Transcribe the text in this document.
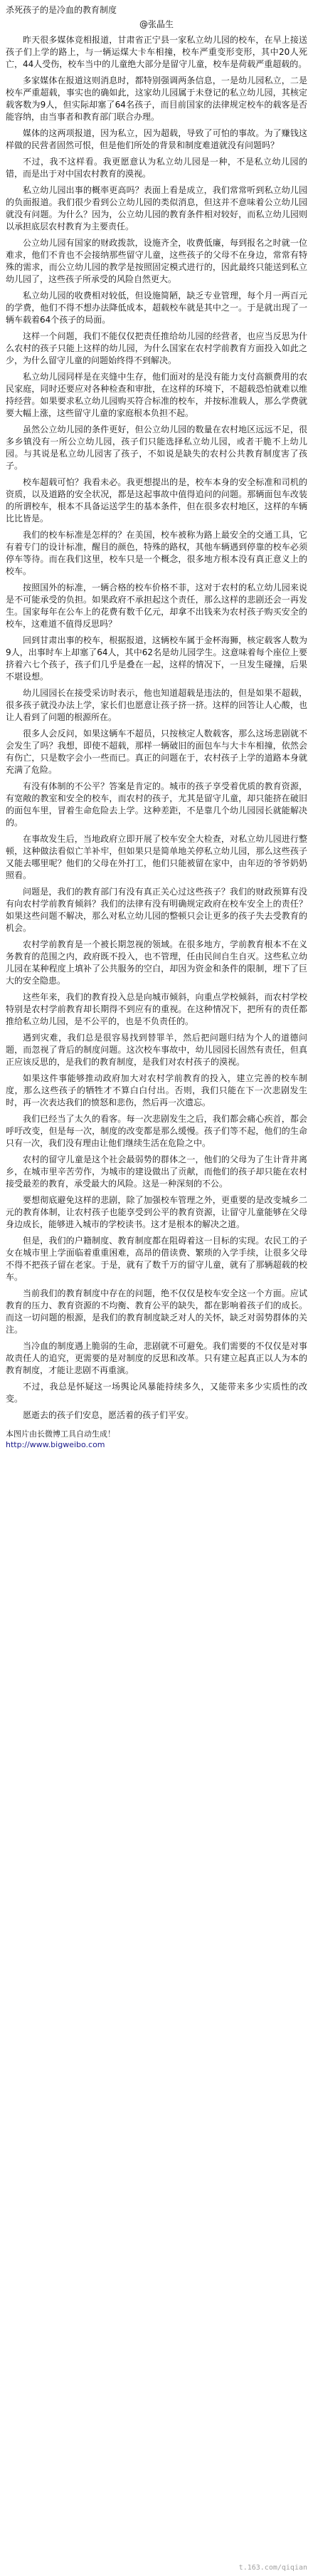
杀死孩子的是冷血的教育制度
@张晶生

昨天很多媒体竞相报道，甘肃省正宁县一家私立幼儿园的校车，在早上接送孩子们上学的路上，与一辆运煤大卡车相撞，校车严重变形变形，其中20人死亡，44人受伤，校车当中的儿童绝大部分是留守儿童，校车是荷载严重超载的。

多家媒体在报道这则消息时，都特别强调两条信息，一是幼儿园私立，二是校车严重超载，事实也的确如此，这家幼儿园属于未登记的私立幼儿园，其核定载客数为9人，但实际却塞了64名孩子，而目前国家的法律规定校车的载客是否能容纳，由当事者和教育部门联合办理。

媒体的这两项报道，因为私立，因为超载，导致了可怕的事故。为了赚钱这样做的民营者固然可恨，但是他们所处的背景和制度难道就没有问题吗？

不过，我不这样看。我更愿意认为私立幼儿园是一种，不是私立幼儿园的错，而是出于对中国农村教育的漠视。

私立幼儿园出事的概率更高吗？表面上看是成立，我们常常听到私立幼儿园的负面报道。我们很少看到公立幼儿园的类似消息，但这并不意味着公立幼儿园就没有问题。为什么？因为，公立幼儿园的教育条件相对较好，而私立幼儿园则以承担底层农村教育为主要责任。

公立幼儿园有国家的财政拨款，设施齐全，收费低廉，每到报名之时就一位难求，他们不肯也不会接纳那些留守儿童，这些孩子的父母不在身边，常常有特殊的需求，而公立幼儿园的教学是按照固定模式进行的，因此最终只能送到私立幼儿园了，这些孩子所承受的风险自然更大。

私立幼儿园的收费相对较低，但设施简陋，缺乏专业管理，每个月一两百元的学费，他们不得不想办法降低成本，超载校车就是其中之一。于是就出现了一辆车载着64个孩子的局面。

这样一个问题，我们不能仅仅把责任推给幼儿园的经营者，也应当反思为什么农村的孩子只能上这样的幼儿园，为什么国家在农村学前教育方面投入如此之少，为什么留守儿童的问题始终得不到解决。

私立幼儿园同样是在夹缝中生存，他们面对的是没有能力支付高额费用的农民家庭，同时还要应对各种检查和审批，在这样的环境下，不超载恐怕就难以维持经营。如果要求私立幼儿园购买符合标准的校车，并按标准载人，那么学费就要大幅上涨，这些留守儿童的家庭根本负担不起。

虽然公立幼儿园的条件更好，但公立幼儿园的数量在农村地区远远不足，很多乡镇没有一所公立幼儿园，孩子们只能选择私立幼儿园，或者干脆不上幼儿园。与其说是私立幼儿园害了孩子，不如说是缺失的农村公共教育制度害了孩子。

校车超载可怕？我看未必。我更想提出的是，校车本身的安全标准和司机的资质，以及道路的安全状况，都是这起事故中值得追问的问题。那辆面包车改装的所谓校车，根本不具备运送学生的基本条件，但在很多农村地区，这样的车辆比比皆是。

我们的校车标准是怎样的？在美国，校车被称为路上最安全的交通工具，它有着专门的设计标准，醒目的颜色，特殊的路权，其他车辆遇到停靠的校车必须停车等待。而在我们这里，校车只是一个概念，很多地方根本没有真正意义上的校车。

按照国外的标准，一辆合格的校车价格不菲，这对于农村的私立幼儿园来说是不可能承受的负担。如果政府不承担起这个责任，那么这样的悲剧还会一再发生。国家每年在公车上的花费有数千亿元，却拿不出钱来为农村孩子购买安全的校车，这难道不值得反思吗？

回到甘肃出事的校车，根据报道，这辆校车属于金杯海狮，核定载客人数为9人，出事时车上却塞了64人，其中62名是幼儿园学生。这意味着每个座位上要挤着六七个孩子，孩子们几乎是叠在一起，这样的情况下，一旦发生碰撞，后果不堪设想。

幼儿园园长在接受采访时表示，他也知道超载是违法的，但是如果不超载，很多孩子就没办法上学，家长们也愿意让孩子挤一挤。这样的回答让人心酸，也让人看到了问题的根源所在。

很多人会反问，如果这辆车不超员，只按核定人数载客，那么这场悲剧就不会发生了吗？我想，即使不超载，那样一辆破旧的面包车与大卡车相撞，依然会有伤亡，只是数字会小一些而已。真正的问题在于，农村孩子上学的道路本身就充满了危险。

有没有体制的不公平？答案是肯定的。城市的孩子享受着优质的教育资源，有宽敞的教室和安全的校车，而农村的孩子，尤其是留守儿童，却只能挤在破旧的面包车里，冒着生命危险去上学。这种差距，不是靠几个幼儿园园长就能解决的。

在事故发生后，当地政府立即开展了校车安全大检查，对私立幼儿园进行整顿，这种做法看似亡羊补牢，但如果只是简单地关停私立幼儿园，那么这些孩子又能去哪里呢？他们的父母在外打工，他们只能被留在家中，由年迈的爷爷奶奶照看。

问题是，我们的教育部门有没有真正关心过这些孩子？我们的财政预算有没有向农村学前教育倾斜？我们的法律有没有明确规定政府在校车安全上的责任？如果这些问题不解决，那么对私立幼儿园的整顿只会让更多的孩子失去受教育的机会。

农村学前教育是一个被长期忽视的领域。在很多地方，学前教育根本不在义务教育的范围之内，政府既不投入，也不管理，任由民间自生自灭。这些私立幼儿园在某种程度上填补了公共服务的空白，却因为资金和条件的限制，埋下了巨大的安全隐患。

这些年来，我们的教育投入总是向城市倾斜，向重点学校倾斜，而农村学校特别是农村学前教育却长期得不到应有的重视。在这种情况下，把所有的责任都推给私立幼儿园，是不公平的，也是不负责任的。

遇到灾难，我们总是很容易找到替罪羊，然后把问题归结为个人的道德问题，而忽视了背后的制度问题。这次校车事故中，幼儿园园长固然有责任，但真正应该反思的，是我们的教育制度，是我们对农村孩子的漠视。

如果这件事能够推动政府加大对农村学前教育的投入，建立完善的校车制度，那么这些孩子的牺牲才不算白白付出。否则，我们只能在下一次悲剧发生时，再一次表达我们的愤怒和悲伤，然后再一次遗忘。

我们已经当了太久的看客。每一次悲剧发生之后，我们都会痛心疾首，都会呼吁改变，但是每一次，制度的改变都是那么缓慢。孩子们等不起，他们的生命只有一次，我们没有理由让他们继续生活在危险之中。

农村的留守儿童是这个社会最弱势的群体之一，他们的父母为了生计背井离乡，在城市里辛苦劳作，为城市的建设做出了贡献，而他们的孩子却只能在农村接受最差的教育，承受最大的风险。这是一种深刻的不公。

要想彻底避免这样的悲剧，除了加强校车管理之外，更重要的是改变城乡二元的教育体制，让农村孩子也能享受到公平的教育资源，让留守儿童能够在父母身边成长，能够进入城市的学校读书。这才是根本的解决之道。

但是，我们的户籍制度、教育制度都在阻碍着这一目标的实现。农民工的子女在城市里上学面临着重重困难，高昂的借读费、繁琐的入学手续，让很多父母不得不把孩子留在老家。于是，就有了数千万的留守儿童，就有了那辆超载的校车。

当前我们的教育制度中存在的问题，绝不仅仅是校车安全这一个方面。应试教育的压力、教育资源的不均衡、教育公平的缺失，都在影响着孩子们的成长。而这一切问题的根源，是我们的教育制度缺乏对人的关怀，缺乏对弱势群体的关注。

当冷血的制度遇上脆弱的生命，悲剧就不可避免。我们需要的不仅仅是对事故责任人的追究，更需要的是对制度的反思和改革。只有建立起真正以人为本的教育制度，才能让悲剧不再重演。

不过，我总是怀疑这一场舆论风暴能持续多久，又能带来多少实质性的改变。

愿逝去的孩子们安息，愿活着的孩子们平安。

本图片由长微博工具自动生成！
http://www.bigweibo.com
t.163.com/qiqian
